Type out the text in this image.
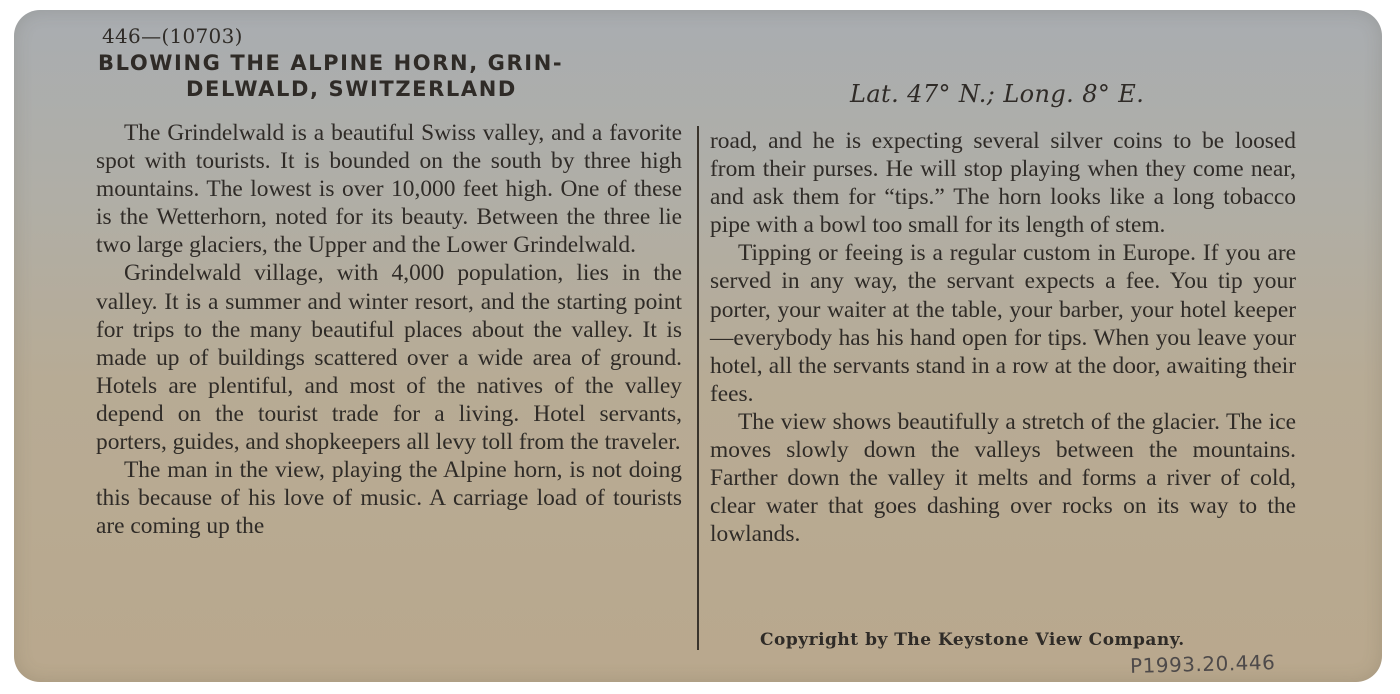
446—(10703)
BLOWING THE ALPINE HORN, GRIN-
DELWALD, SWITZERLAND	Lat. 47° N.; Long. 8° E.

The Grindelwald is a beautiful Swiss valley, and a favorite spot with tourists. It is bounded on the south by three high mountains. The lowest is over 10,000 feet high. One of these is the Wetterhorn, noted for its beauty. Between the three lie two large glaciers, the Upper and the Lower Grindelwald.

Grindelwald village, with 4,000 population, lies in the valley. It is a summer and winter resort, and the starting point for trips to the many beautiful places about the valley. It is made up of buildings scattered over a wide area of ground. Hotels are plentiful, and most of the natives of the valley depend on the tourist trade for a living. Hotel servants, porters, guides, and shopkeepers all levy toll from the traveler.

The man in the view, playing the Alpine horn, is not doing this because of his love of music. A carriage load of tourists are coming up the

road, and he is expecting several silver coins to be loosed from their purses. He will stop playing when they come near, and ask them for “tips.” The horn looks like a long tobacco pipe with a bowl too small for its length of stem.

Tipping or feeing is a regular custom in Europe. If you are served in any way, the servant expects a fee. You tip your porter, your waiter at the table, your barber, your hotel keeper—everybody has his hand open for tips. When you leave your hotel, all the servants stand in a row at the door, awaiting their fees.

The view shows beautifully a stretch of the glacier. The ice moves slowly down the valleys between the mountains. Farther down the valley it melts and forms a river of cold, clear water that goes dashing over rocks on its way to the lowlands.

Copyright by The Keystone View Company.
P1993.20.446
